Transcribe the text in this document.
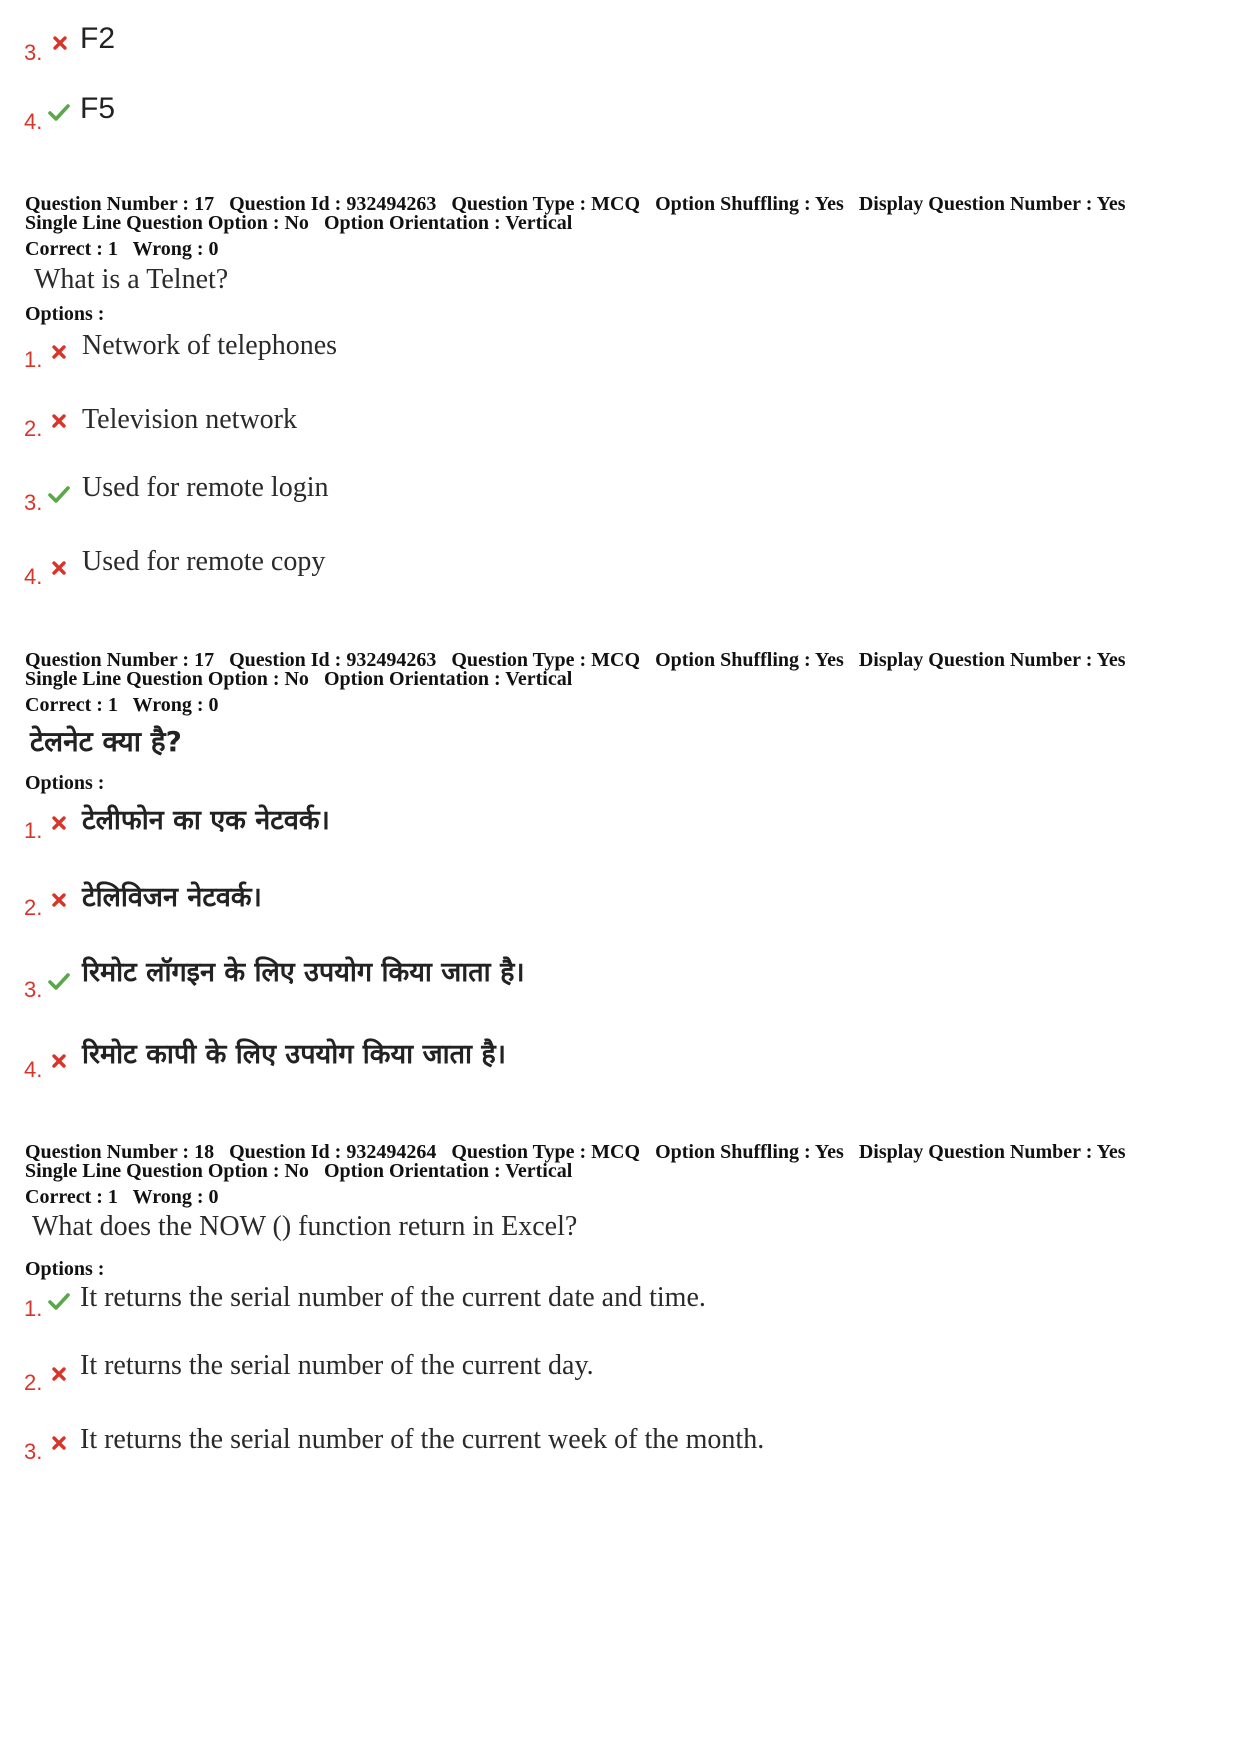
3. F2
4. F5
Question Number : 17 Question Id : 932494263 Question Type : MCQ Option Shuffling : Yes Display Question Number : Yes
Single Line Question Option : No Option Orientation : Vertical
Correct : 1 Wrong : 0
What is a Telnet?
Options :
1. Network of telephones
2. Television network
3. Used for remote login
4. Used for remote copy
Question Number : 17 Question Id : 932494263 Question Type : MCQ Option Shuffling : Yes Display Question Number : Yes
Single Line Question Option : No Option Orientation : Vertical
Correct : 1 Wrong : 0
टेलनेट क्या है?
Options :
1. टेलीफोन का एक नेटवर्क।
2. टेलिविजन नेटवर्क।
3.
रिमोट लॉगइन के लिए उपयोग किया जाता है।
4. रिमोट कापी के लिए उपयोग किया जाता है।
Question Number : 18 Question Id : 932494264 Question Type : MCQ Option Shuffling : Yes Display Question Number : Yes
Single Line Question Option : No Option Orientation : Vertical
Correct : 1 Wrong : 0
What does the NOW () function return in Excel?
Options :
1. It returns the serial number of the current date and time.
2.
It returns the serial number of the current day.
3. It returns the serial number of the current week of the month.
